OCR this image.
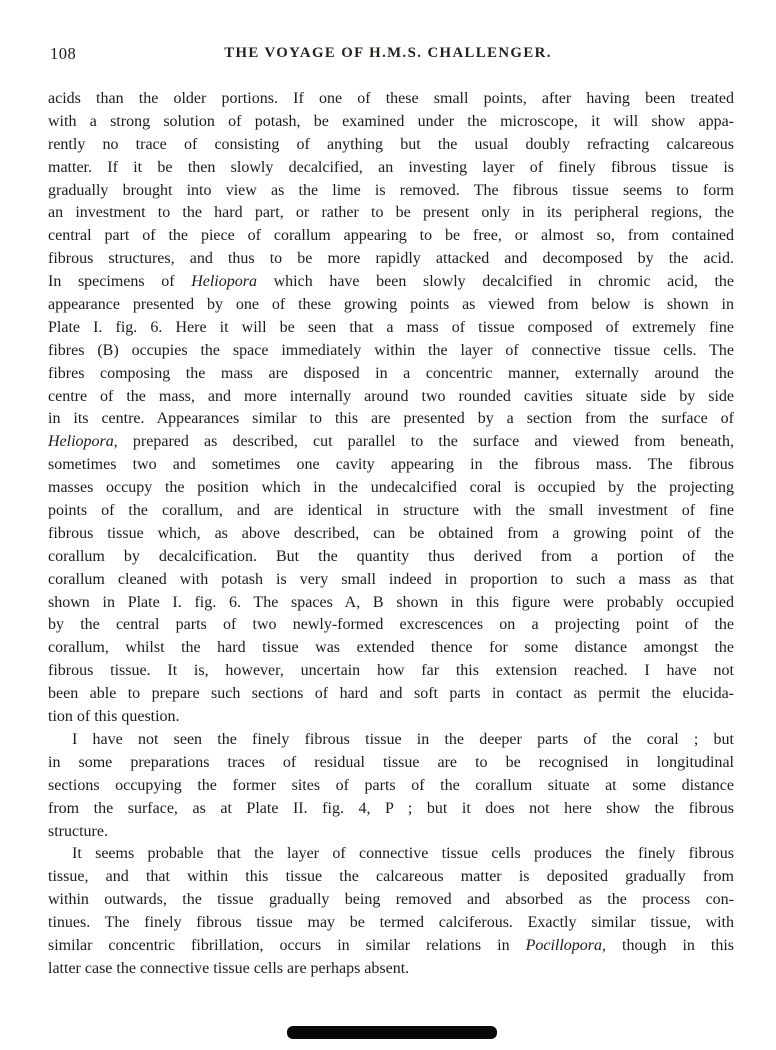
108	THE VOYAGE OF H.M.S. CHALLENGER.
acids than the older portions. If one of these small points, after having been treated
with a strong solution of potash, be examined under the microscope, it will show appa-
rently no trace of consisting of anything but the usual doubly refracting calcareous
matter. If it be then slowly decalcified, an investing layer of finely fibrous tissue is
gradually brought into view as the lime is removed. The fibrous tissue seems to form
an investment to the hard part, or rather to be present only in its peripheral regions, the
central part of the piece of corallum appearing to be free, or almost so, from contained
fibrous structures, and thus to be more rapidly attacked and decomposed by the acid.
In specimens of Heliopora which have been slowly decalcified in chromic acid, the
appearance presented by one of these growing points as viewed from below is shown in
Plate I. fig. 6. Here it will be seen that a mass of tissue composed of extremely fine
fibres (B) occupies the space immediately within the layer of connective tissue cells. The
fibres composing the mass are disposed in a concentric manner, externally around the
centre of the mass, and more internally around two rounded cavities situate side by side
in its centre. Appearances similar to this are presented by a section from the surface of
Heliopora, prepared as described, cut parallel to the surface and viewed from beneath,
sometimes two and sometimes one cavity appearing in the fibrous mass. The fibrous
masses occupy the position which in the undecalcified coral is occupied by the projecting
points of the corallum, and are identical in structure with the small investment of fine
fibrous tissue which, as above described, can be obtained from a growing point of the
corallum by decalcification. But the quantity thus derived from a portion of the
corallum cleaned with potash is very small indeed in proportion to such a mass as that
shown in Plate I. fig. 6. The spaces A, B shown in this figure were probably occupied
by the central parts of two newly-formed excrescences on a projecting point of the
corallum, whilst the hard tissue was extended thence for some distance amongst the
fibrous tissue. It is, however, uncertain how far this extension reached. I have not
been able to prepare such sections of hard and soft parts in contact as permit the elucida-
tion of this question.
I have not seen the finely fibrous tissue in the deeper parts of the coral ; but
in some preparations traces of residual tissue are to be recognised in longitudinal
sections occupying the former sites of parts of the corallum situate at some distance
from the surface, as at Plate II. fig. 4, P ; but it does not here show the fibrous
structure.
It seems probable that the layer of connective tissue cells produces the finely fibrous
tissue, and that within this tissue the calcareous matter is deposited gradually from
within outwards, the tissue gradually being removed and absorbed as the process con-
tinues. The finely fibrous tissue may be termed calciferous. Exactly similar tissue, with
similar concentric fibrillation, occurs in similar relations in Pocillopora, though in this
latter case the connective tissue cells are perhaps absent.
